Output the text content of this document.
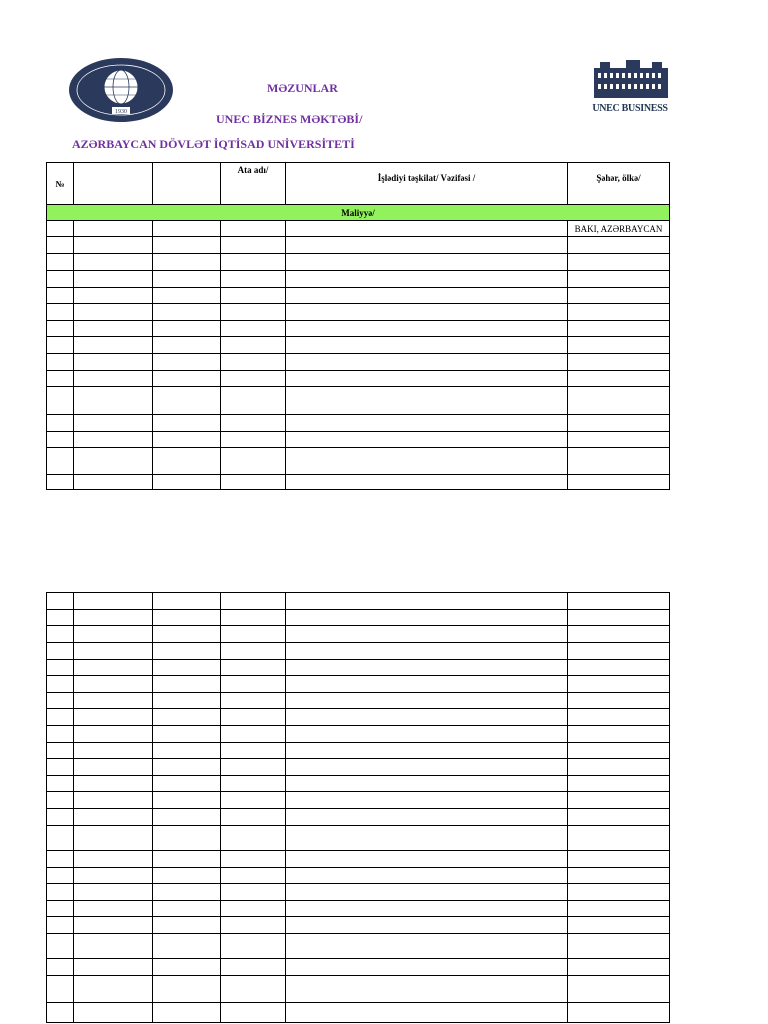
1930	UNEC BUSINESS
MƏZUNLAR
UNEC BİZNES MƏKTƏBİ/
AZƏRBAYCAN DÖVLƏT İQTİSAD UNİVERSİTETİ
№			Ata adı/	İşlədiyi təşkilat/ Vəzifəsi /	Şəhər, ölkə/
Maliyyə/					
					BAKI, AZƏRBAYCAN
